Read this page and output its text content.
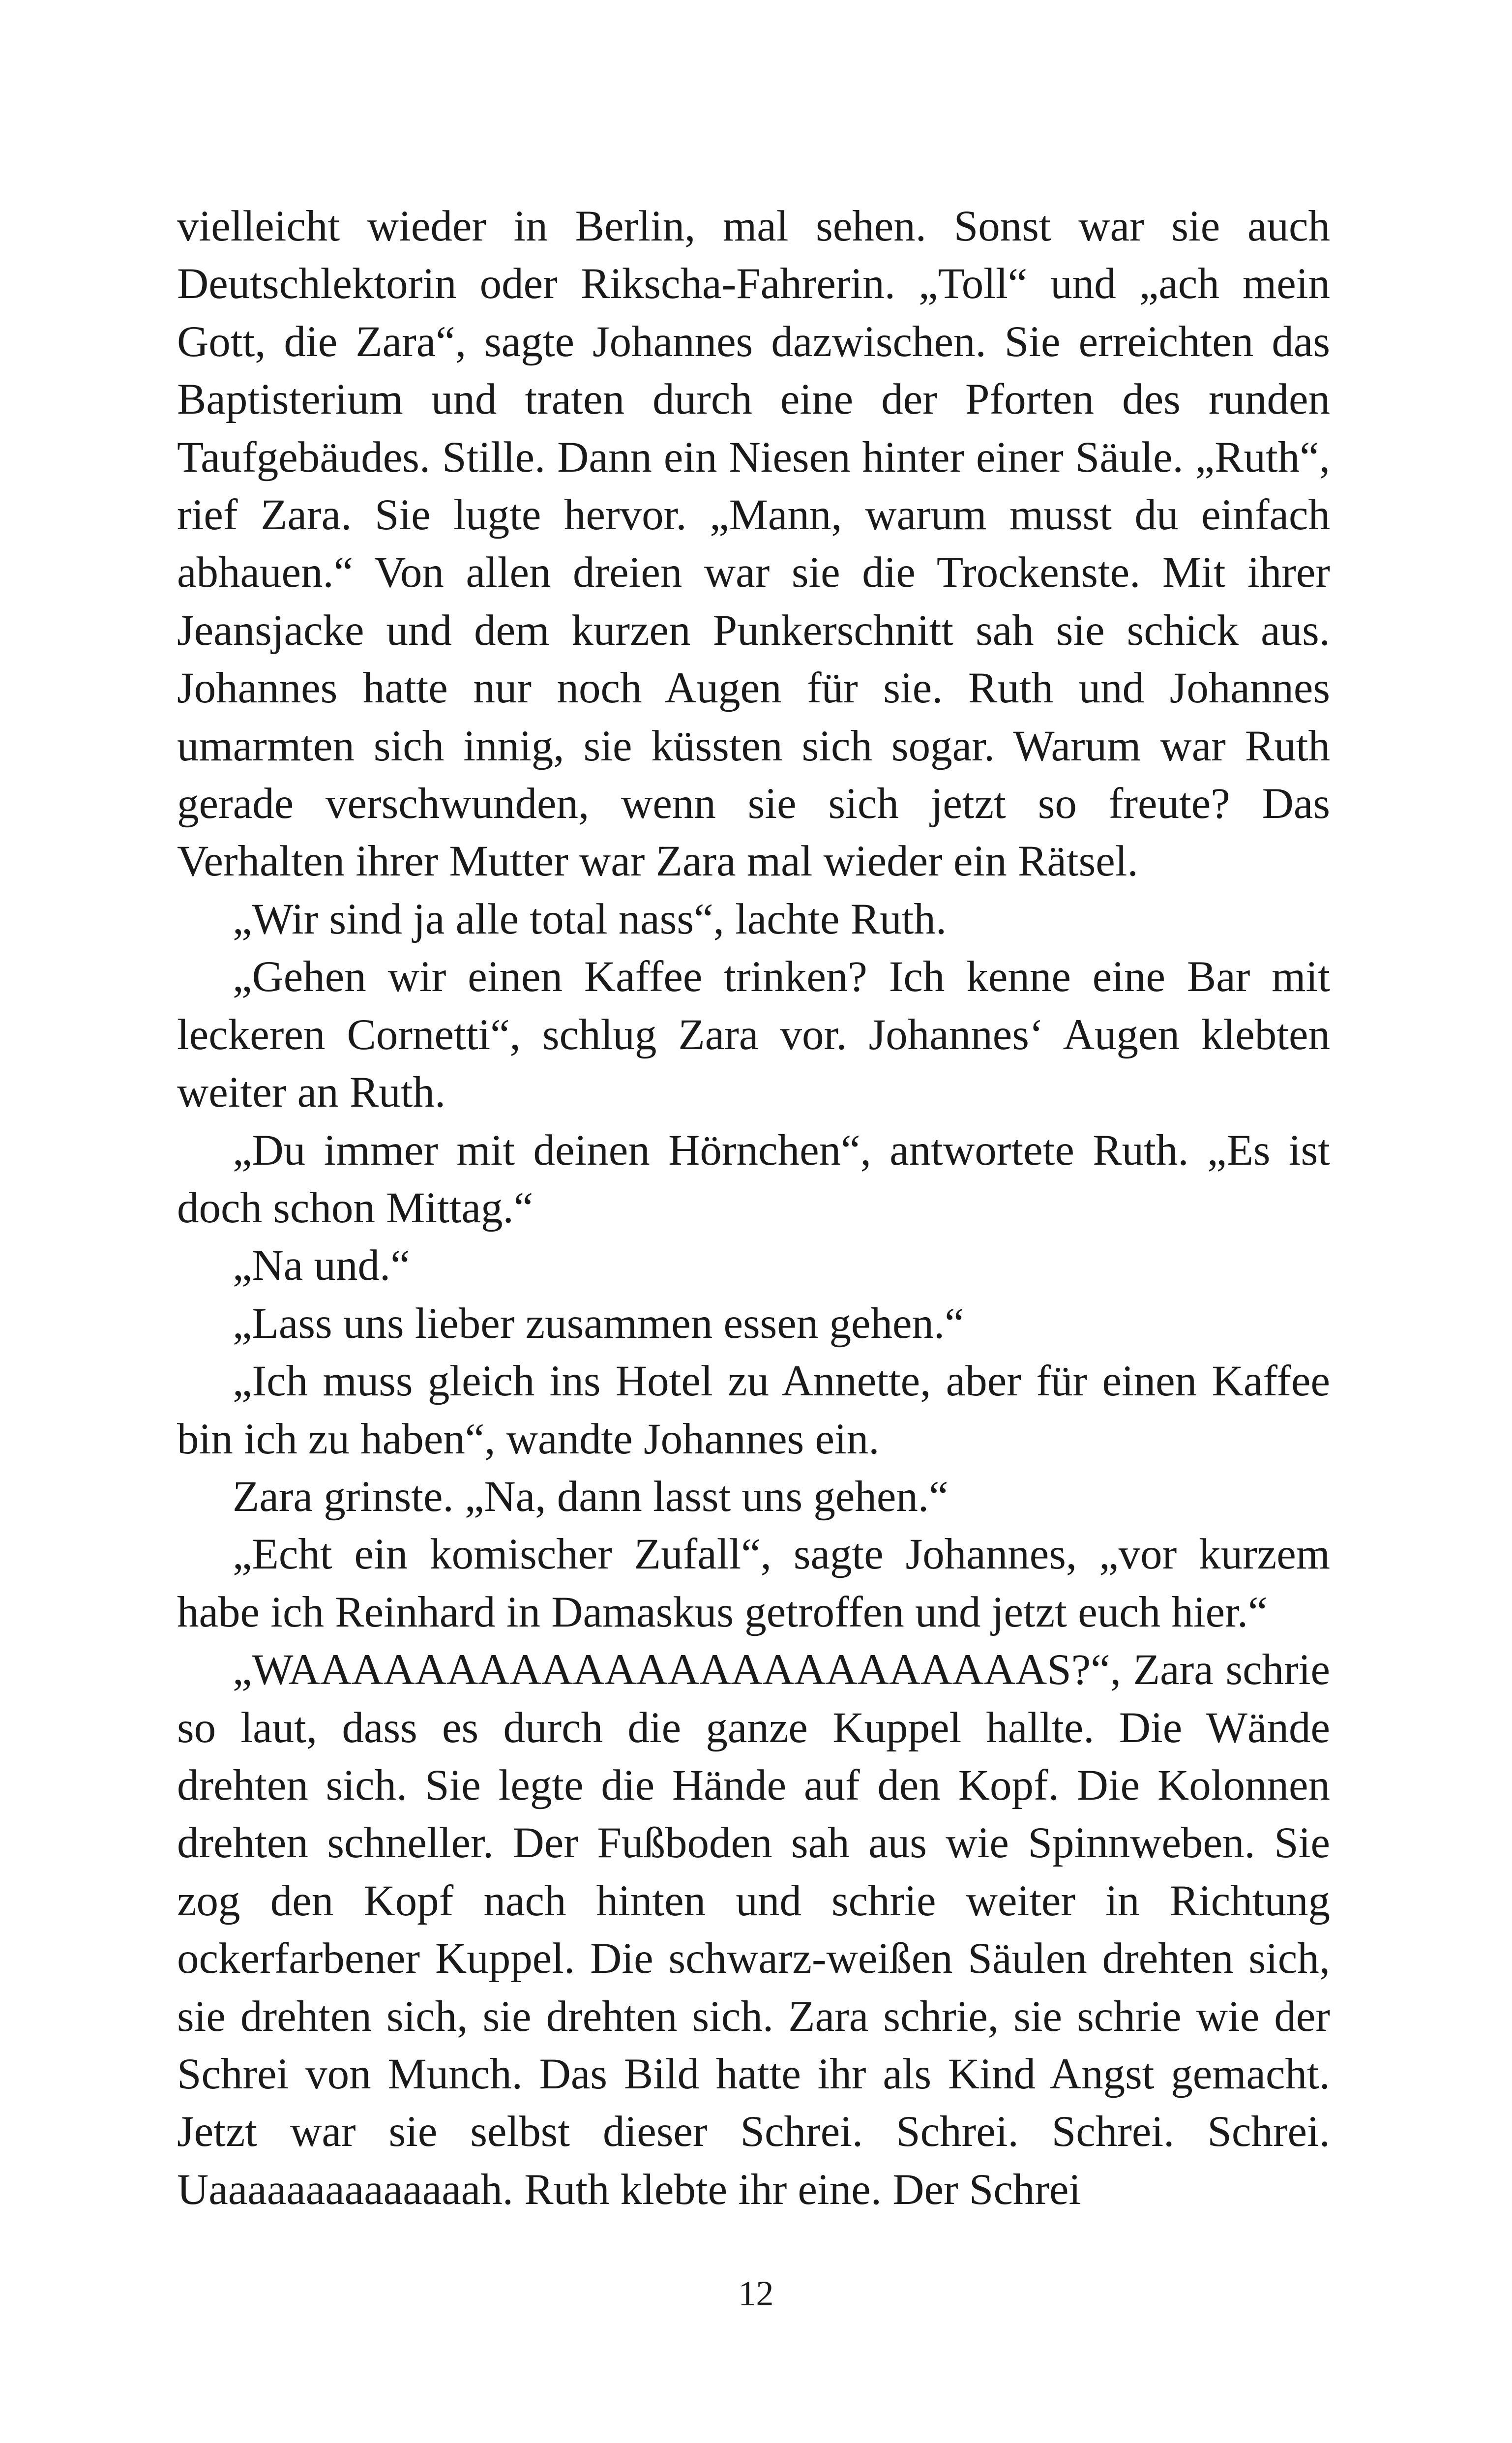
vielleicht wieder in Berlin, mal sehen. Sonst war sie auch Deutschlektorin oder Rikscha-Fahrerin. „Toll“ und „ach mein Gott, die Zara“, sagte Johannes dazwischen. Sie erreichten das Baptisterium und traten durch eine der Pforten des runden Taufgebäudes. Stille. Dann ein Niesen hinter einer Säule. „Ruth“, rief Zara. Sie lugte hervor. „Mann, warum musst du einfach abhauen.“ Von allen dreien war sie die Trockenste. Mit ihrer Jeansjacke und dem kurzen Punkerschnitt sah sie schick aus. Johannes hatte nur noch Augen für sie. Ruth und Johannes umarmten sich innig, sie küssten sich sogar. Warum war Ruth gerade verschwunden, wenn sie sich jetzt so freute? Das Verhalten ihrer Mutter war Zara mal wieder ein Rätsel.

„Wir sind ja alle total nass“, lachte Ruth.

„Gehen wir einen Kaffee trinken? Ich kenne eine Bar mit leckeren Cornetti“, schlug Zara vor. Johannes‘ Augen klebten weiter an Ruth.

„Du immer mit deinen Hörnchen“, antwortete Ruth. „Es ist doch schon Mittag.“

„Na und.“

„Lass uns lieber zusammen essen gehen.“

„Ich muss gleich ins Hotel zu Annette, aber für einen Kaffee bin ich zu haben“, wandte Johannes ein.

Zara grinste. „Na, dann lasst uns gehen.“

„Echt ein komischer Zufall“, sagte Johannes, „vor kurzem habe ich Reinhard in Damaskus getroffen und jetzt euch hier.“

„WAAAAAAAAAAAAAAAAAAAAAAAAS?“, Zara schrie so laut, dass es durch die ganze Kuppel hallte. Die Wände drehten sich. Sie legte die Hände auf den Kopf. Die Kolonnen drehten schneller. Der Fußboden sah aus wie Spinnweben. Sie zog den Kopf nach hinten und schrie weiter in Richtung ockerfarbener Kuppel. Die schwarz-weißen Säulen drehten sich, sie drehten sich, sie drehten sich. Zara schrie, sie schrie wie der Schrei von Munch. Das Bild hatte ihr als Kind Angst gemacht. Jetzt war sie selbst dieser Schrei. Schrei. Schrei. Schrei. Uaaaaaaaaaaaaaah. Ruth klebte ihr eine. Der Schrei

12
